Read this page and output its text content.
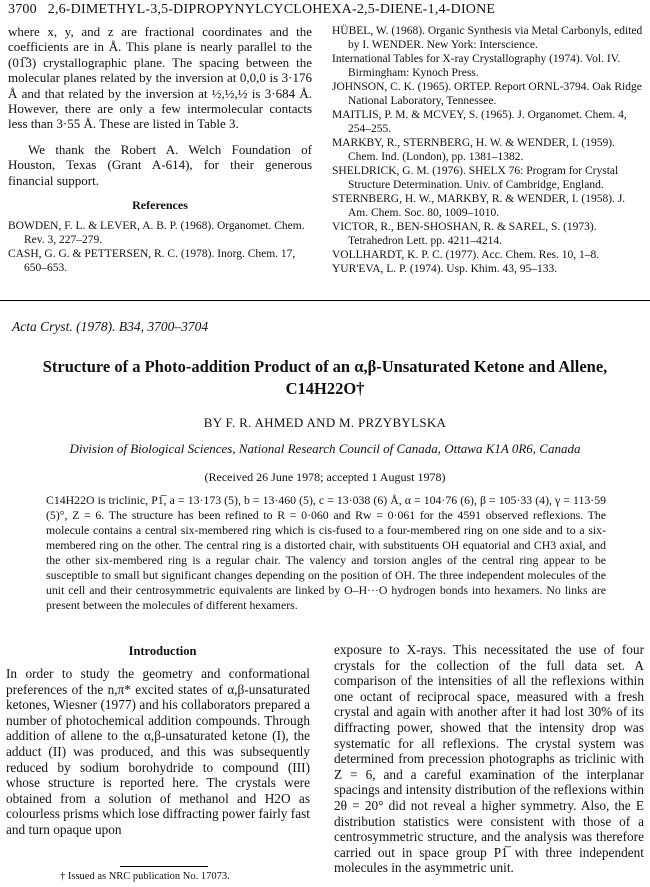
3700 2,6-DIMETHYL-3,5-DIPROPYNYLCYCLOHEXA-2,5-DIENE-1,4-DIONE

where x, y, and z are fractional coordinates and the coefficients are in Å. This plane is nearly parallel to the (01̅3) crystallographic plane. The spacing between the molecular planes related by the inversion at 0,0,0 is 3·176 Å and that related by the inversion at ½,½,½ is 3·684 Å. However, there are only a few intermolecular contacts less than 3·55 Å. These are listed in Table 3.

We thank the Robert A. Welch Foundation of Houston, Texas (Grant A-614), for their generous financial support.

References
BOWDEN, F. L. & LEVER, A. B. P. (1968). Organomet. Chem. Rev. 3, 227–279.
CASH, G. G. & PETTERSEN, R. C. (1978). Inorg. Chem. 17, 650–653.
HÜBEL, W. (1968). Organic Synthesis via Metal Carbonyls, edited by I. WENDER. New York: Interscience.
International Tables for X-ray Crystallography (1974). Vol. IV. Birmingham: Kynoch Press.
JOHNSON, C. K. (1965). ORTEP. Report ORNL-3794. Oak Ridge National Laboratory, Tennessee.
MAITLIS, P. M. & MCVEY, S. (1965). J. Organomet. Chem. 4, 254–255.
MARKBY, R., STERNBERG, H. W. & WENDER, I. (1959). Chem. Ind. (London), pp. 1381–1382.
SHELDRICK, G. M. (1976). SHELX 76: Program for Crystal Structure Determination. Univ. of Cambridge, England.
STERNBERG, H. W., MARKBY, R. & WENDER, I. (1958). J. Am. Chem. Soc. 80, 1009–1010.
VICTOR, R., BEN-SHOSHAN, R. & SAREL, S. (1973). Tetrahedron Lett. pp. 4211–4214.
VOLLHARDT, K. P. C. (1977). Acc. Chem. Res. 10, 1–8.
YUR'EVA, L. P. (1974). Usp. Khim. 43, 95–133.
Acta Cryst. (1978). B34, 3700–3704
Structure of a Photo-addition Product of an α,β-Unsaturated Ketone and Allene,
C14H22O†
BY F. R. AHMED AND M. PRZYBYLSKA
Division of Biological Sciences, National Research Council of Canada, Ottawa K1A 0R6, Canada
(Received 26 June 1978; accepted 1 August 1978)
C14H22O is triclinic, P1̅, a = 13·173 (5), b = 13·460 (5), c = 13·038 (6) Å, α = 104·76 (6), β = 105·33 (4), γ = 113·59 (5)°, Z = 6. The structure has been refined to R = 0·060 and Rw = 0·061 for the 4591 observed reflexions. The molecule contains a central six-membered ring which is cis-fused to a four-membered ring on one side and to a six-membered ring on the other. The central ring is a distorted chair, with substituents OH equatorial and CH3 axial, and the other six-membered ring is a regular chair. The valency and torsion angles of the central ring appear to be susceptible to small but significant changes depending on the position of OH. The three independent molecules of the unit cell and their centrosymmetric equivalents are linked by O–H···O hydrogen bonds into hexamers. No links are present between the molecules of different hexamers.
Introduction
In order to study the geometry and conformational preferences of the n,π* excited states of α,β-unsaturated ketones, Wiesner (1977) and his collaborators prepared a number of photochemical addition compounds. Through addition of allene to the α,β-unsaturated ketone (I), the adduct (II) was produced, and this was subsequently reduced by sodium borohydride to compound (III) whose structure is reported here. The crystals were obtained from a solution of methanol and H2O as colourless prisms which lose diffracting power fairly fast and turn opaque upon
exposure to X-rays. This necessitated the use of four crystals for the collection of the full data set. A comparison of the intensities of all the reflexions within one octant of reciprocal space, measured with a fresh crystal and again with another after it had lost 30% of its diffracting power, showed that the intensity drop was systematic for all reflexions. The crystal system was determined from precession photographs as triclinic with Z = 6, and a careful examination of the interplanar spacings and intensity distribution of the reflexions within 2θ = 20° did not reveal a higher symmetry. Also, the E distribution statistics were consistent with those of a centrosymmetric structure, and the analysis was therefore carried out in space group P1̅ with three independent molecules in the asymmetric unit.
† Issued as NRC publication No. 17073.
